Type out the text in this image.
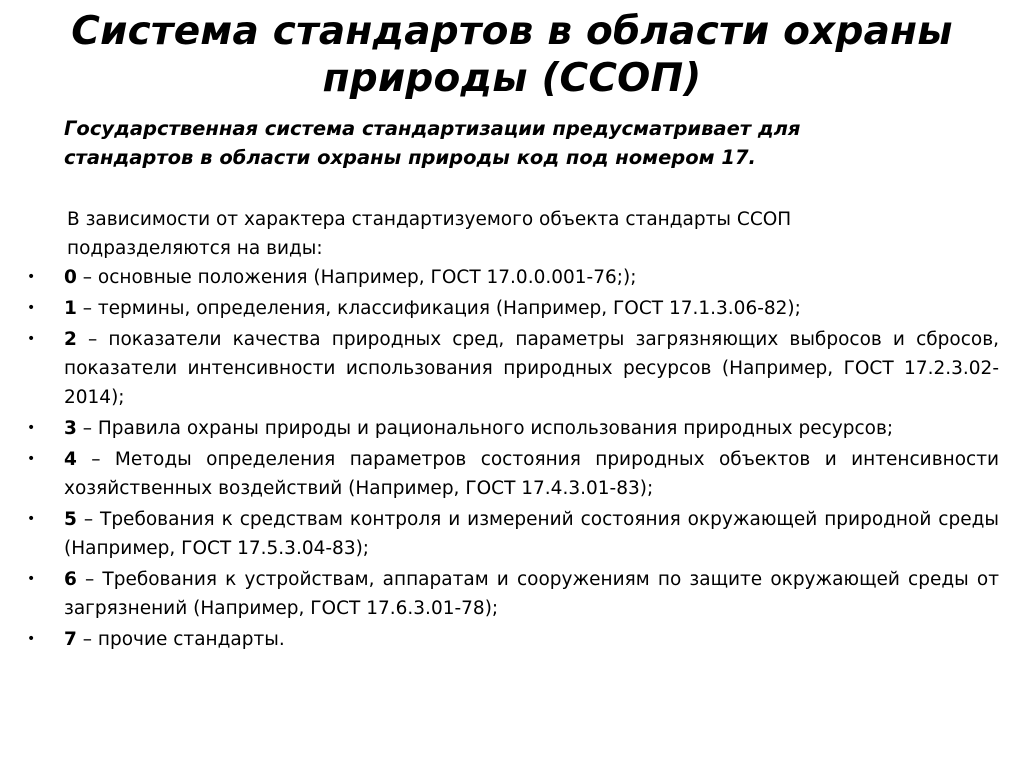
Система стандартов в области охраны
природы (ССОП)
Государственная система стандартизации предусматривает для
стандартов в области охраны природы код под номером 17.
В зависимости от характера стандартизуемого объекта стандарты ССОП
подразделяются на виды:
• 0 – основные положения (Например, ГОСТ 17.0.0.001-76;);
• 1 – термины, определения, классификация (Например, ГОСТ 17.1.3.06-82);
• 2 – показатели качества природных сред, параметры загрязняющих выбросов и сбросов, показатели интенсивности использования природных ресурсов (Например, ГОСТ 17.2.3.02-2014);
• 3 – Правила охраны природы и рационального использования природных ресурсов;
• 4 – Методы определения параметров состояния природных объектов и интенсивности хозяйственных воздействий (Например, ГОСТ 17.4.3.01-83);
• 5 – Требования к средствам контроля и измерений состояния окружающей природной среды (Например, ГОСТ 17.5.3.04-83);
• 6 – Требования к устройствам, аппаратам и сооружениям по защите окружающей среды от загрязнений (Например, ГОСТ 17.6.3.01-78);
• 7 – прочие стандарты.
